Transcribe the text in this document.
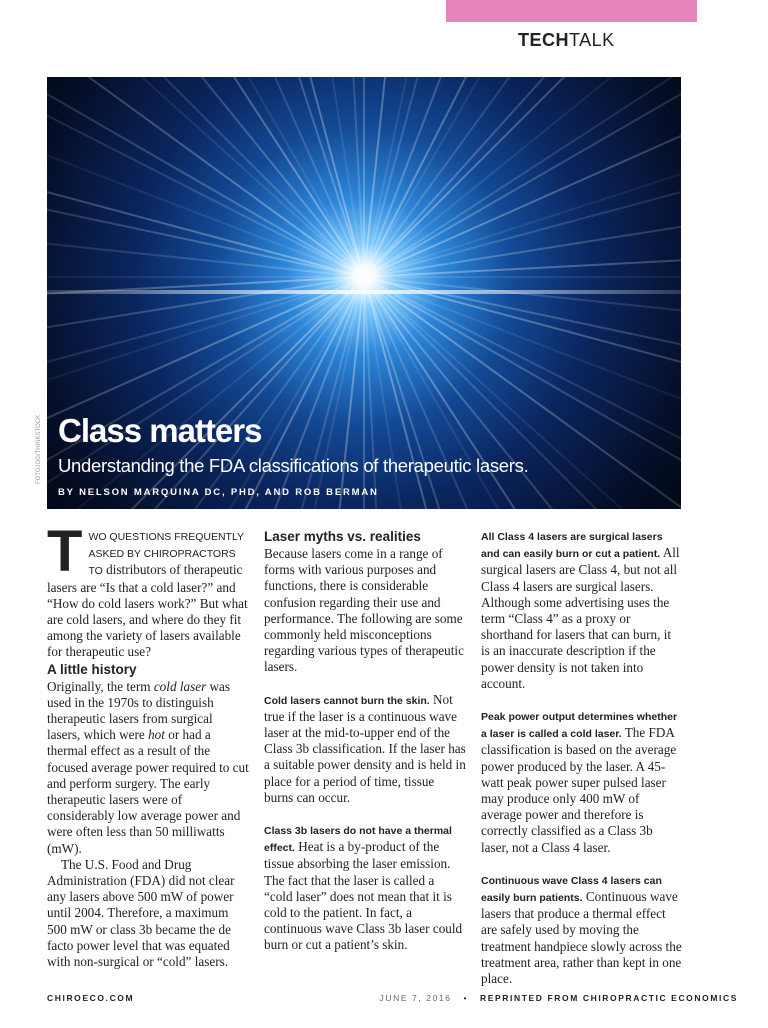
TECHTALK
FOTOJOG/THINKSTOCK Class matters
Understanding the FDA classifications of therapeutic lasers.
BY NELSON MARQUINA DC, PHD, AND ROB BERMAN

TWO QUESTIONS FREQUENTLY ASKED BY CHIROPRACTORS TO distributors of therapeutic lasers are “Is that a cold laser?” and “How do cold lasers work?” But what are cold lasers, and where do they fit among the variety of lasers available for therapeutic use?

A little history

Originally, the term cold laser was used in the 1970s to distinguish therapeutic lasers from surgical lasers, which were hot or had a thermal effect as a result of the focused average power required to cut and perform surgery. The early therapeutic lasers were of considerably low average power and were often less than 50 milliwatts (mW).

The U.S. Food and Drug Administration (FDA) did not clear any lasers above 500 mW of power until 2004. Therefore, a maximum 500 mW or class 3b became the de facto power level that was equated with non-surgical or “cold” lasers.

Laser myths vs. realities

Because lasers come in a range of forms with various purposes and functions, there is considerable confusion regarding their use and performance. The following are some commonly held misconceptions regarding various types of therapeutic lasers.

Cold lasers cannot burn the skin. Not true if the laser is a continuous wave laser at the mid-to-upper end of the Class 3b classification. If the laser has a suitable power density and is held in place for a period of time, tissue burns can occur.

Class 3b lasers do not have a thermal effect. Heat is a by-product of the tissue absorbing the laser emission. The fact that the laser is called a “cold laser” does not mean that it is cold to the patient. In fact, a continuous wave Class 3b laser could burn or cut a patient’s skin.

All Class 4 lasers are surgical lasers and can easily burn or cut a patient. All surgical lasers are Class 4, but not all Class 4 lasers are surgical lasers. Although some advertising uses the term “Class 4” as a proxy or shorthand for lasers that can burn, it is an inaccurate description if the power density is not taken into account.

Peak power output determines whether a laser is called a cold laser. The FDA classification is based on the average power produced by the laser. A 45-watt peak power super pulsed laser may produce only 400 mW of average power and therefore is correctly classified as a Class 3b laser, not a Class 4 laser.

Continuous wave Class 4 lasers can easily burn patients. Continuous wave lasers that produce a thermal effect are safely used by moving the treatment handpiece slowly across the treatment area, rather than kept in one place.

CHIROECO.COM	JUNE 7, 2016 • REPRINTED FROM CHIROPRACTIC ECONOMICS
